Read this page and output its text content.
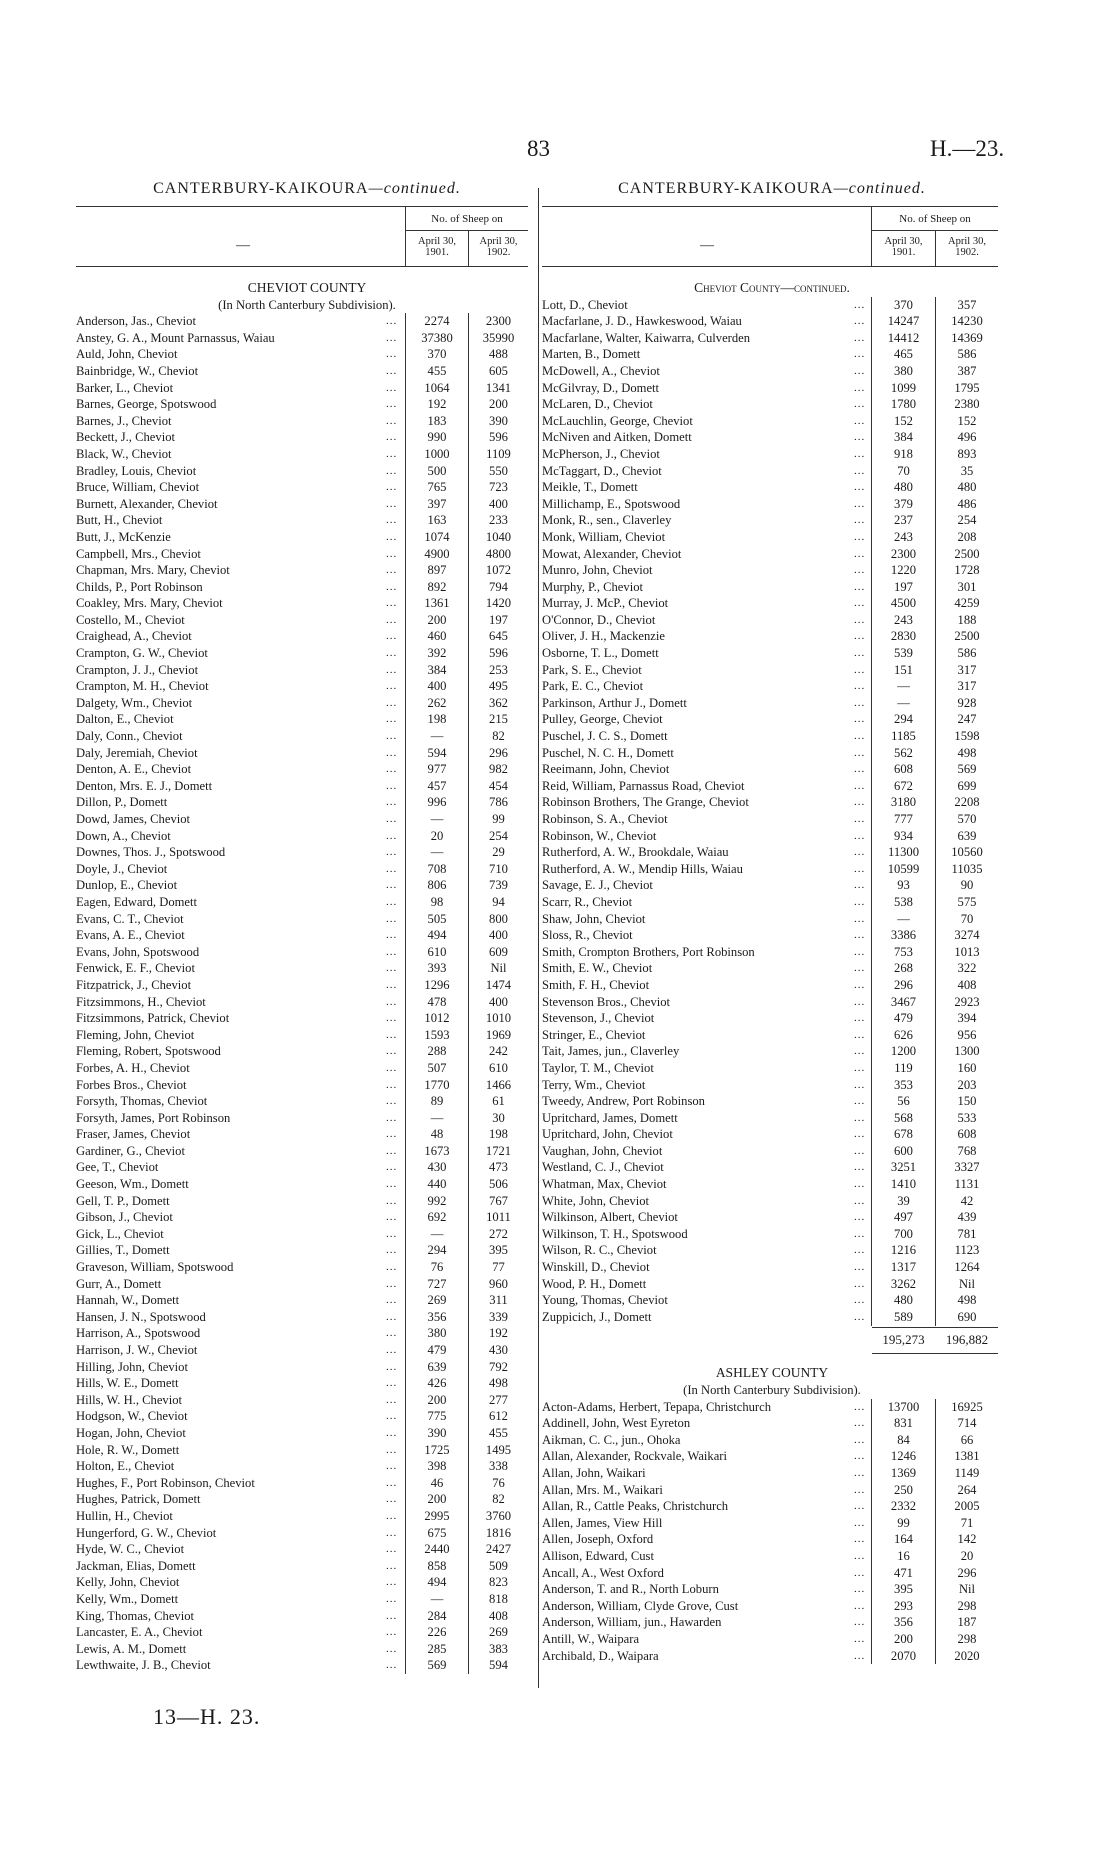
83	H.—23.
CANTERBURY-KAIKOURA—continued.
—
No. of Sheep on
April 30, 1901.
April 30, 1902.
CHEVIOT COUNTY
(In North Canterbury Subdivision).
Anderson, Jas., Cheviot	...	2274	2300
Anstey, G. A., Mount Parnassus, Waiau	...	37380	35990
Auld, John, Cheviot	...	370	488
Bainbridge, W., Cheviot	...	455	605
Barker, L., Cheviot	...	1064	1341
Barnes, George, Spotswood	...	192	200
Barnes, J., Cheviot	...	183	390
Beckett, J., Cheviot	...	990	596
Black, W., Cheviot	...	1000	1109
Bradley, Louis, Cheviot	...	500	550
Bruce, William, Cheviot	...	765	723
Burnett, Alexander, Cheviot	...	397	400
Butt, H., Cheviot	...	163	233
Butt, J., McKenzie	...	1074	1040
Campbell, Mrs., Cheviot	...	4900	4800
Chapman, Mrs. Mary, Cheviot	...	897	1072
Childs, P., Port Robinson	...	892	794
Coakley, Mrs. Mary, Cheviot	...	1361	1420
Costello, M., Cheviot	...	200	197
Craighead, A., Cheviot	...	460	645
Crampton, G. W., Cheviot	...	392	596
Crampton, J. J., Cheviot	...	384	253
Crampton, M. H., Cheviot	...	400	495
Dalgety, Wm., Cheviot	...	262	362
Dalton, E., Cheviot	...	198	215
Daly, Conn., Cheviot	...	—	82
Daly, Jeremiah, Cheviot	...	594	296
Denton, A. E., Cheviot	...	977	982
Denton, Mrs. E. J., Domett	...	457	454
Dillon, P., Domett	...	996	786
Dowd, James, Cheviot	...	—	99
Down, A., Cheviot	...	20	254
Downes, Thos. J., Spotswood	...	—	29
Doyle, J., Cheviot	...	708	710
Dunlop, E., Cheviot	...	806	739
Eagen, Edward, Domett	...	98	94
Evans, C. T., Cheviot	...	505	800
Evans, A. E., Cheviot	...	494	400
Evans, John, Spotswood	...	610	609
Fenwick, E. F., Cheviot	...	393	Nil
Fitzpatrick, J., Cheviot	...	1296	1474
Fitzsimmons, H., Cheviot	...	478	400
Fitzsimmons, Patrick, Cheviot	...	1012	1010
Fleming, John, Cheviot	...	1593	1969
Fleming, Robert, Spotswood	...	288	242
Forbes, A. H., Cheviot	...	507	610
Forbes Bros., Cheviot	...	1770	1466
Forsyth, Thomas, Cheviot	...	89	61
Forsyth, James, Port Robinson	...	—	30
Fraser, James, Cheviot	...	48	198
Gardiner, G., Cheviot	...	1673	1721
Gee, T., Cheviot	...	430	473
Geeson, Wm., Domett	...	440	506
Gell, T. P., Domett	...	992	767
Gibson, J., Cheviot	...	692	1011
Gick, L., Cheviot	...	—	272
Gillies, T., Domett	...	294	395
Graveson, William, Spotswood	...	76	77
Gurr, A., Domett	...	727	960
Hannah, W., Domett	...	269	311
Hansen, J. N., Spotswood	...	356	339
Harrison, A., Spotswood	...	380	192
Harrison, J. W., Cheviot	...	479	430
Hilling, John, Cheviot	...	639	792
Hills, W. E., Domett	...	426	498
Hills, W. H., Cheviot	...	200	277
Hodgson, W., Cheviot	...	775	612
Hogan, John, Cheviot	...	390	455
Hole, R. W., Domett	...	1725	1495
Holton, E., Cheviot	...	398	338
Hughes, F., Port Robinson, Cheviot	...	46	76
Hughes, Patrick, Domett	...	200	82
Hullin, H., Cheviot	...	2995	3760
Hungerford, G. W., Cheviot	...	675	1816
Hyde, W. C., Cheviot	...	2440	2427
Jackman, Elias, Domett	...	858	509
Kelly, John, Cheviot	...	494	823
Kelly, Wm., Domett	...	—	818
King, Thomas, Cheviot	...	284	408
Lancaster, E. A., Cheviot	...	226	269
Lewis, A. M., Domett	...	285	383
Lewthwaite, J. B., Cheviot	...	569	594
CANTERBURY-KAIKOURA—continued.
—
No. of Sheep on
April 30, 1901.
April 30, 1902.
Cheviot County—continued.
Lott, D., Cheviot	...	370	357
Macfarlane, J. D., Hawkeswood, Waiau	...	14247	14230
Macfarlane, Walter, Kaiwarra, Culverden	...	14412	14369
Marten, B., Domett	...	465	586
McDowell, A., Cheviot	...	380	387
McGilvray, D., Domett	...	1099	1795
McLaren, D., Cheviot	...	1780	2380
McLauchlin, George, Cheviot	...	152	152
McNiven and Aitken, Domett	...	384	496
McPherson, J., Cheviot	...	918	893
McTaggart, D., Cheviot	...	70	35
Meikle, T., Domett	...	480	480
Millichamp, E., Spotswood	...	379	486
Monk, R., sen., Claverley	...	237	254
Monk, William, Cheviot	...	243	208
Mowat, Alexander, Cheviot	...	2300	2500
Munro, John, Cheviot	...	1220	1728
Murphy, P., Cheviot	...	197	301
Murray, J. McP., Cheviot	...	4500	4259
O'Connor, D., Cheviot	...	243	188
Oliver, J. H., Mackenzie	...	2830	2500
Osborne, T. L., Domett	...	539	586
Park, S. E., Cheviot	...	151	317
Park, E. C., Cheviot	...	—	317
Parkinson, Arthur J., Domett	...	—	928
Pulley, George, Cheviot	...	294	247
Puschel, J. C. S., Domett	...	1185	1598
Puschel, N. C. H., Domett	...	562	498
Reeimann, John, Cheviot	...	608	569
Reid, William, Parnassus Road, Cheviot	...	672	699
Robinson Brothers, The Grange, Cheviot	...	3180	2208
Robinson, S. A., Cheviot	...	777	570
Robinson, W., Cheviot	...	934	639
Rutherford, A. W., Brookdale, Waiau	...	11300	10560
Rutherford, A. W., Mendip Hills, Waiau	...	10599	11035
Savage, E. J., Cheviot	...	93	90
Scarr, R., Cheviot	...	538	575
Shaw, John, Cheviot	...	—	70
Sloss, R., Cheviot	...	3386	3274
Smith, Crompton Brothers, Port Robinson	...	753	1013
Smith, E. W., Cheviot	...	268	322
Smith, F. H., Cheviot	...	296	408
Stevenson Bros., Cheviot	...	3467	2923
Stevenson, J., Cheviot	...	479	394
Stringer, E., Cheviot	...	626	956
Tait, James, jun., Claverley	...	1200	1300
Taylor, T. M., Cheviot	...	119	160
Terry, Wm., Cheviot	...	353	203
Tweedy, Andrew, Port Robinson	...	56	150
Upritchard, James, Domett	...	568	533
Upritchard, John, Cheviot	...	678	608
Vaughan, John, Cheviot	...	600	768
Westland, C. J., Cheviot	...	3251	3327
Whatman, Max, Cheviot	...	1410	1131
White, John, Cheviot	...	39	42
Wilkinson, Albert, Cheviot	...	497	439
Wilkinson, T. H., Spotswood	...	700	781
Wilson, R. C., Cheviot	...	1216	1123
Winskill, D., Cheviot	...	1317	1264
Wood, P. H., Domett	...	3262	Nil
Young, Thomas, Cheviot	...	480	498
Zuppicich, J., Domett	...	589	690
195,273	196,882
ASHLEY COUNTY
(In North Canterbury Subdivision).
Acton-Adams, Herbert, Tepapa, Christchurch	...	13700	16925
Addinell, John, West Eyreton	...	831	714
Aikman, C. C., jun., Ohoka	...	84	66
Allan, Alexander, Rockvale, Waikari	...	1246	1381
Allan, John, Waikari	...	1369	1149
Allan, Mrs. M., Waikari	...	250	264
Allan, R., Cattle Peaks, Christchurch	...	2332	2005
Allen, James, View Hill	...	99	71
Allen, Joseph, Oxford	...	164	142
Allison, Edward, Cust	...	16	20
Ancall, A., West Oxford	...	471	296
Anderson, T. and R., North Loburn	...	395	Nil
Anderson, William, Clyde Grove, Cust	...	293	298
Anderson, William, jun., Hawarden	...	356	187
Antill, W., Waipara	...	200	298
Archibald, D., Waipara	...	2070	2020
13—H. 23.
